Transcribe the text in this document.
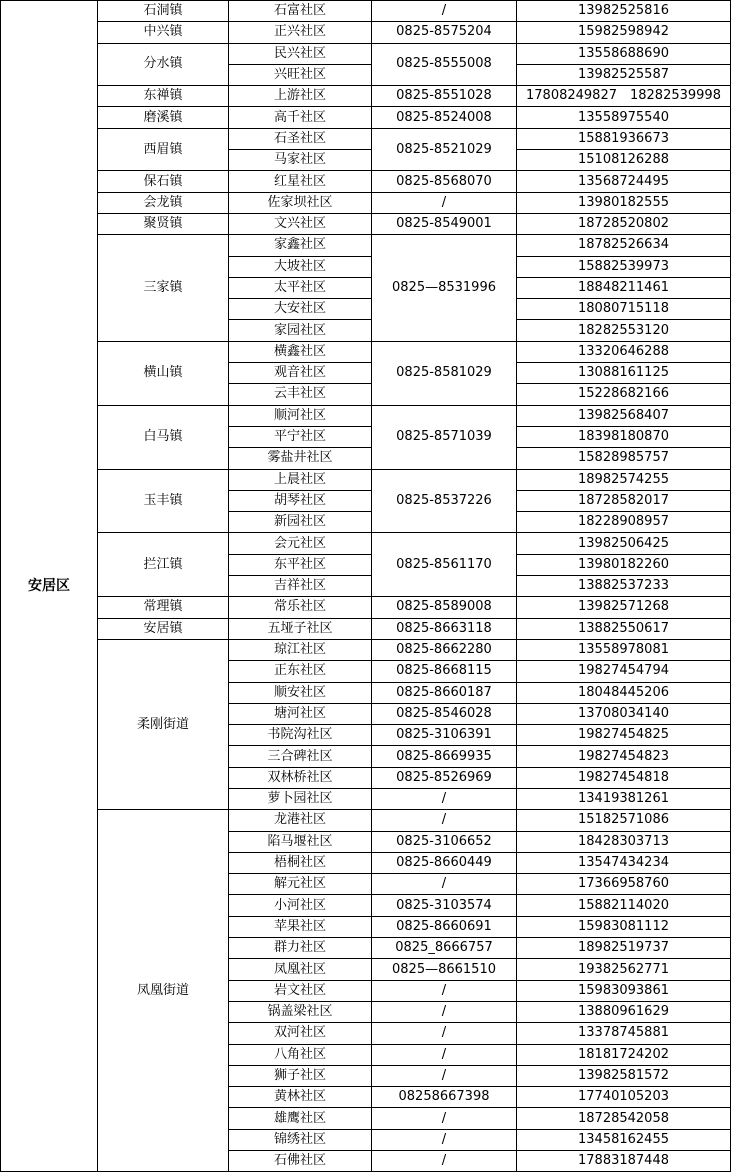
安居区	石洞镇	石富社区	/	13982525816
	中兴镇	正兴社区	0825-8575204	15982598942
	分水镇	民兴社区	0825-8555008	13558688690
		兴旺社区		13982525587
	东禅镇	上游社区	0825-8551028	17808249827　18282539998
	磨溪镇	高千社区	0825-8524008	13558975540
	西眉镇	石圣社区	0825-8521029	15881936673
		马家社区		15108126288
	保石镇	红星社区	0825-8568070	13568724495
	会龙镇	佐家坝社区	/	13980182555
	聚贤镇	文兴社区	0825-8549001	18728520802
	三家镇	家鑫社区	0825—8531996	18782526634
		大坡社区		15882539973
		太平社区		18848211461
		大安社区		18080715118
		家园社区		18282553120
	横山镇	横鑫社区	0825-8581029	13320646288
		观音社区		13088161125
		云丰社区		15228682166
	白马镇	顺河社区	0825-8571039	13982568407
		平宁社区		18398180870
		雾盐井社区		15828985757
	玉丰镇	上晨社区	0825-8537226	18982574255
		胡琴社区		18728582017
		新园社区		18228908957
	拦江镇	会元社区	0825-8561170	13982506425
		东平社区		13980182260
		吉祥社区		13882537233
	常理镇	常乐社区	0825-8589008	13982571268
	安居镇	五垭子社区	0825-8663118	13882550617
	柔刚街道	琼江社区	0825-8662280	13558978081
		正东社区	0825-8668115	19827454794
		顺安社区	0825-8660187	18048445206
		塘河社区	0825-8546028	13708034140
		书院沟社区	0825-3106391	19827454825
		三合碑社区	0825-8669935	19827454823
		双林桥社区	0825-8526969	19827454818
		萝卜园社区	/	13419381261
	凤凰街道	龙港社区	/	15182571086
		陷马堰社区	0825-3106652	18428303713
		梧桐社区	0825-8660449	13547434234
		解元社区	/	17366958760
		小河社区	0825-3103574	15882114020
		苹果社区	0825-8660691	15983081112
		群力社区	0825_8666757	18982519737
		凤凰社区	0825—8661510	19382562771
		岩文社区	/	15983093861
		锅盖梁社区	/	13880961629
		双河社区	/	13378745881
		八角社区	/	18181724202
		狮子社区	/	13982581572
		黄林社区	08258667398	17740105203
		雄鹰社区	/	18728542058
		锦绣社区	/	13458162455
		石佛社区	/	17883187448
